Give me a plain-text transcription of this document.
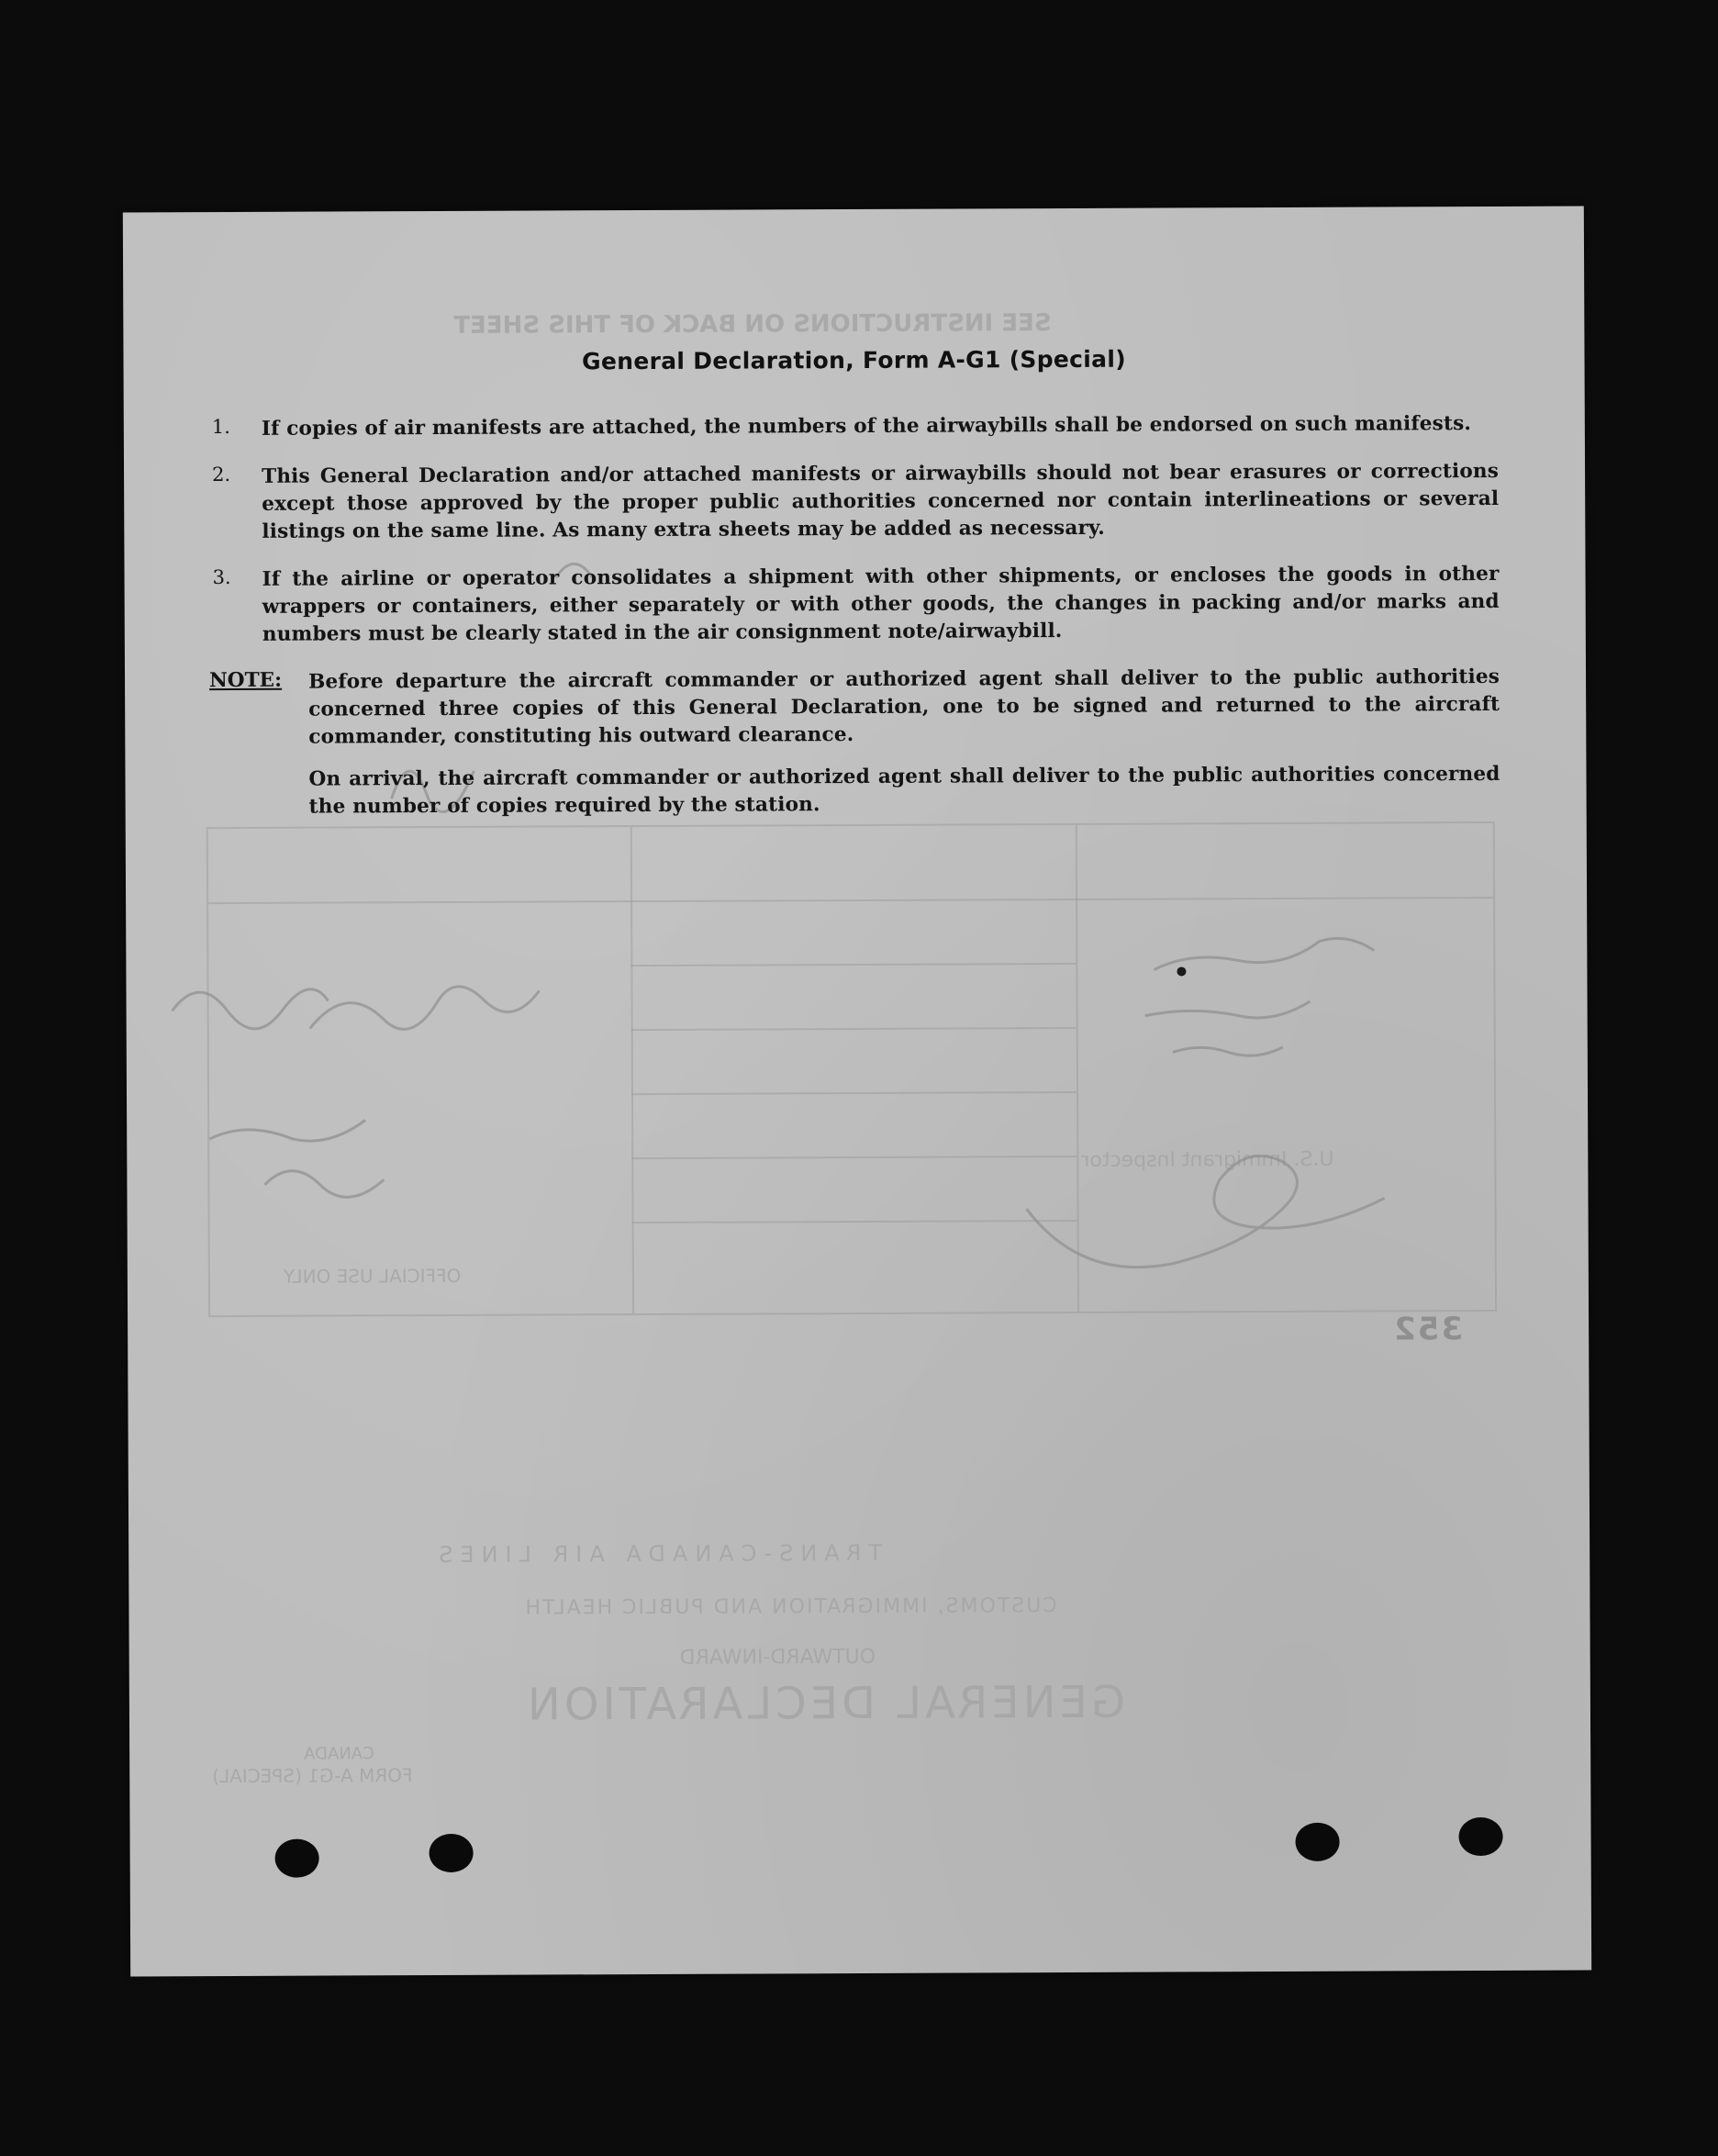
SEE INSTRUCTIONS ON BACK OF THIS SHEET
OFFICIAL USE ONLY
U.S. Immigrant Inspector
TRANS-CANADA AIR LINES
CUSTOMS, IMMIGRATION AND PUBLIC HEALTH
OUTWARD-INWARD
GENERAL DECLARATION
FORM A-G1 (SPECIAL)
CANADA
352
General Declaration, Form A-G1 (Special)
1. If copies of air manifests are attached, the numbers of the airwaybills shall be endorsed on such manifests.
2. This General Declaration and/or attached manifests or airwaybills should not bear erasures or corrections except those approved by the proper public authorities concerned nor contain interlineations or several listings on the same line. As many extra sheets may be added as necessary.
3. If the airline or operator consolidates a shipment with other shipments, or encloses the goods in other wrappers or containers, either separately or with other goods, the changes in packing and/or marks and numbers must be clearly stated in the air consignment note/airwaybill.
NOTE: Before departure the aircraft commander or authorized agent shall deliver to the public authorities concerned three copies of this General Declaration, one to be signed and returned to the aircraft commander, constituting his outward clearance.

On arrival, the aircraft commander or authorized agent shall deliver to the public authorities concerned the number of copies required by the station.
